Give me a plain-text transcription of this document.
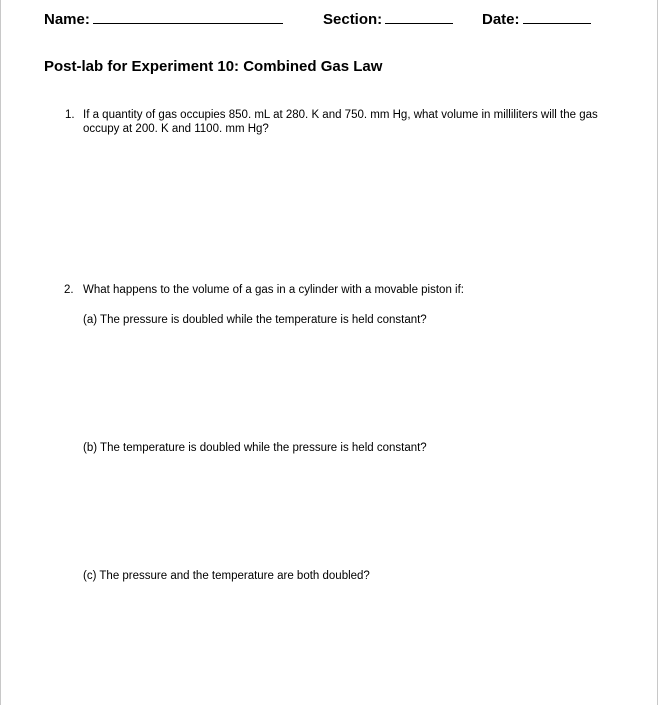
Name:	Section:	Date:
Post-lab for Experiment 10: Combined Gas Law
1. If a quantity of gas occupies 850. mL at 280. K and 750. mm Hg, what volume in milliliters will the gas occupy at 200. K and 1100. mm Hg?
2. What happens to the volume of a gas in a cylinder with a movable piston if:
(a) The pressure is doubled while the temperature is held constant?
(b) The temperature is doubled while the pressure is held constant?
(c) The pressure and the temperature are both doubled?
